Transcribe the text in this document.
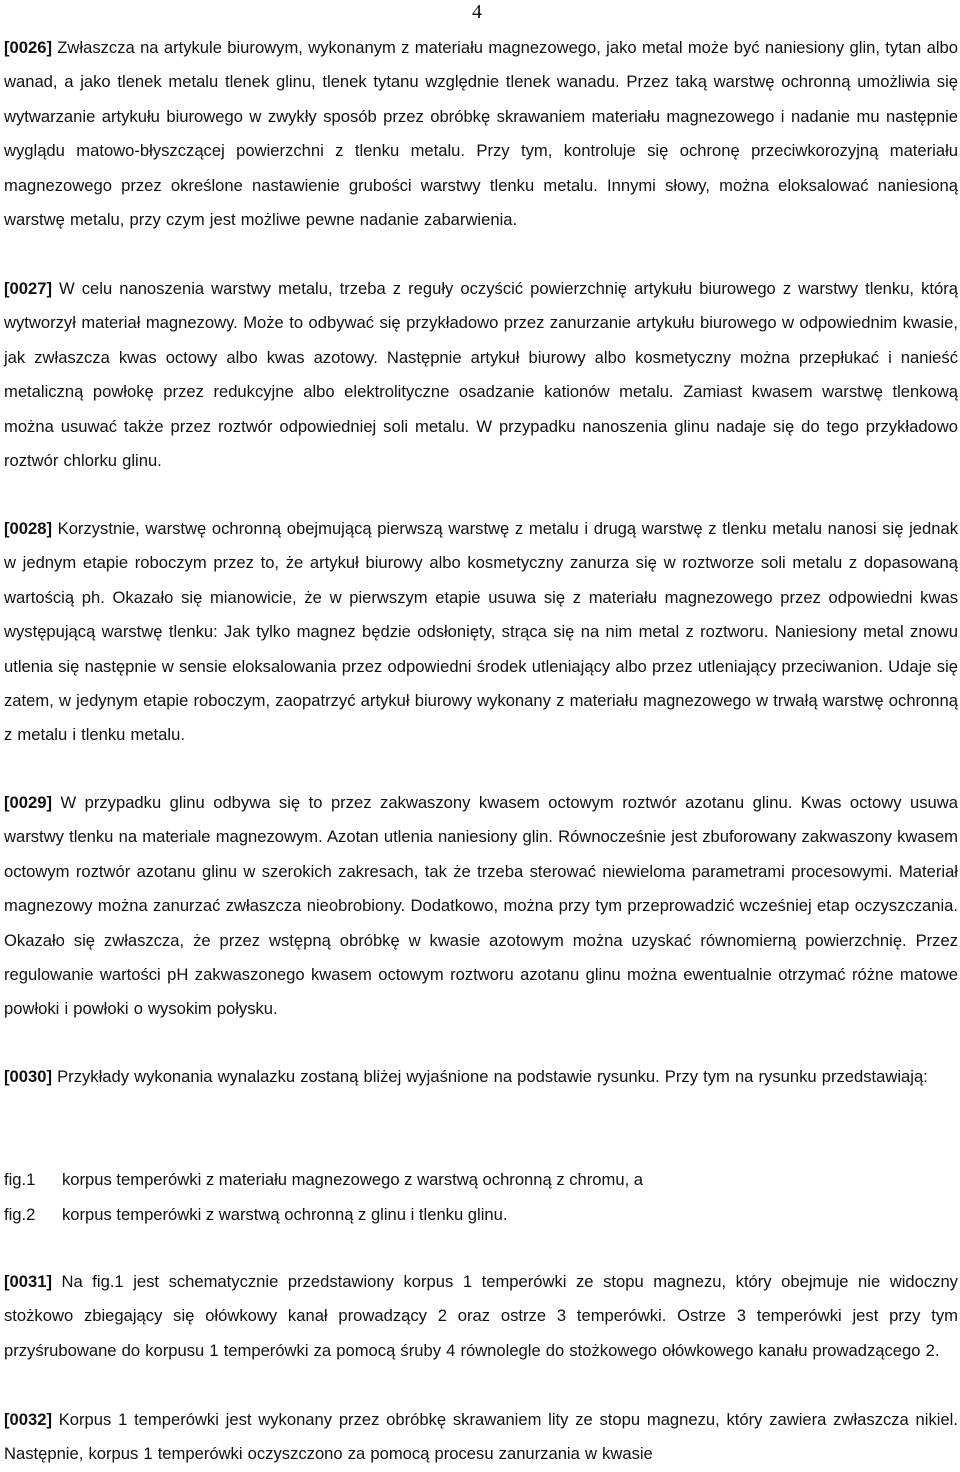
4

[0026] Zwłaszcza na artykule biurowym, wykonanym z materiału magnezowego, jako metal może być naniesiony glin, tytan albo wanad, a jako tlenek metalu tlenek glinu, tlenek tytanu względnie tlenek wanadu. Przez taką warstwę ochronną umożliwia się wytwarzanie artykułu biurowego w zwykły sposób przez obróbkę skrawaniem materiału magnezowego i nadanie mu następnie wyglądu matowo-błyszczącej powierzchni z tlenku metalu. Przy tym, kontroluje się ochronę przeciwkorozyjną materiału magnezowego przez określone nastawienie grubości warstwy tlenku metalu. Innymi słowy, można eloksalować naniesioną warstwę metalu, przy czym jest możliwe pewne nadanie zabarwienia.

[0027] W celu nanoszenia warstwy metalu, trzeba z reguły oczyścić powierzchnię artykułu biurowego z warstwy tlenku, którą wytworzył materiał magnezowy. Może to odbywać się przykładowo przez zanurzanie artykułu biurowego w odpowiednim kwasie, jak zwłaszcza kwas octowy albo kwas azotowy. Następnie artykuł biurowy albo kosmetyczny można przepłukać i nanieść metaliczną powłokę przez redukcyjne albo elektrolityczne osadzanie kationów metalu. Zamiast kwasem warstwę tlenkową można usuwać także przez roztwór odpowiedniej soli metalu. W przypadku nanoszenia glinu nadaje się do tego przykładowo roztwór chlorku glinu.

[0028] Korzystnie, warstwę ochronną obejmującą pierwszą warstwę z metalu i drugą warstwę z tlenku metalu nanosi się jednak w jednym etapie roboczym przez to, że artykuł biurowy albo kosmetyczny zanurza się w roztworze soli metalu z dopasowaną wartością ph. Okazało się mianowicie, że w pierwszym etapie usuwa się z materiału magnezowego przez odpowiedni kwas występującą warstwę tlenku: Jak tylko magnez będzie odsłonięty, strąca się na nim metal z roztworu. Naniesiony metal znowu utlenia się następnie w sensie eloksalowania przez odpowiedni środek utleniający albo przez utleniający przeciwanion. Udaje się zatem, w jedynym etapie roboczym, zaopatrzyć artykuł biurowy wykonany z materiału magnezowego w trwałą warstwę ochronną z metalu i tlenku metalu.

[0029] W przypadku glinu odbywa się to przez zakwaszony kwasem octowym roztwór azotanu glinu. Kwas octowy usuwa warstwy tlenku na materiale magnezowym. Azotan utlenia naniesiony glin. Równocześnie jest zbuforowany zakwaszony kwasem octowym roztwór azotanu glinu w szerokich zakresach, tak że trzeba sterować niewieloma parametrami procesowymi. Materiał magnezowy można zanurzać zwłaszcza nieobrobiony. Dodatkowo, można przy tym przeprowadzić wcześniej etap oczyszczania. Okazało się zwłaszcza, że przez wstępną obróbkę w kwasie azotowym można uzyskać równomierną powierzchnię. Przez regulowanie wartości pH zakwaszonego kwasem octowym roztworu azotanu glinu można ewentualnie otrzymać różne matowe powłoki i powłoki o wysokim połysku.

[0030] Przykłady wykonania wynalazku zostaną bliżej wyjaśnione na podstawie rysunku. Przy tym na rysunku przedstawiają:

fig.1 korpus temperówki z materiału magnezowego z warstwą ochronną z chromu, a
fig.2 korpus temperówki z warstwą ochronną z glinu i tlenku glinu.

[0031] Na fig.1 jest schematycznie przedstawiony korpus 1 temperówki ze stopu magnezu, który obejmuje nie widoczny stożkowo zbiegający się ołówkowy kanał prowadzący 2 oraz ostrze 3 temperówki. Ostrze 3 temperówki jest przy tym przyśrubowane do korpusu 1 temperówki za pomocą śruby 4 równolegle do stożkowego ołówkowego kanału prowadzącego 2.

[0032] Korpus 1 temperówki jest wykonany przez obróbkę skrawaniem lity ze stopu magnezu, który zawiera zwłaszcza nikiel. Następnie, korpus 1 temperówki oczyszczono za pomocą procesu zanurzania w kwasie
